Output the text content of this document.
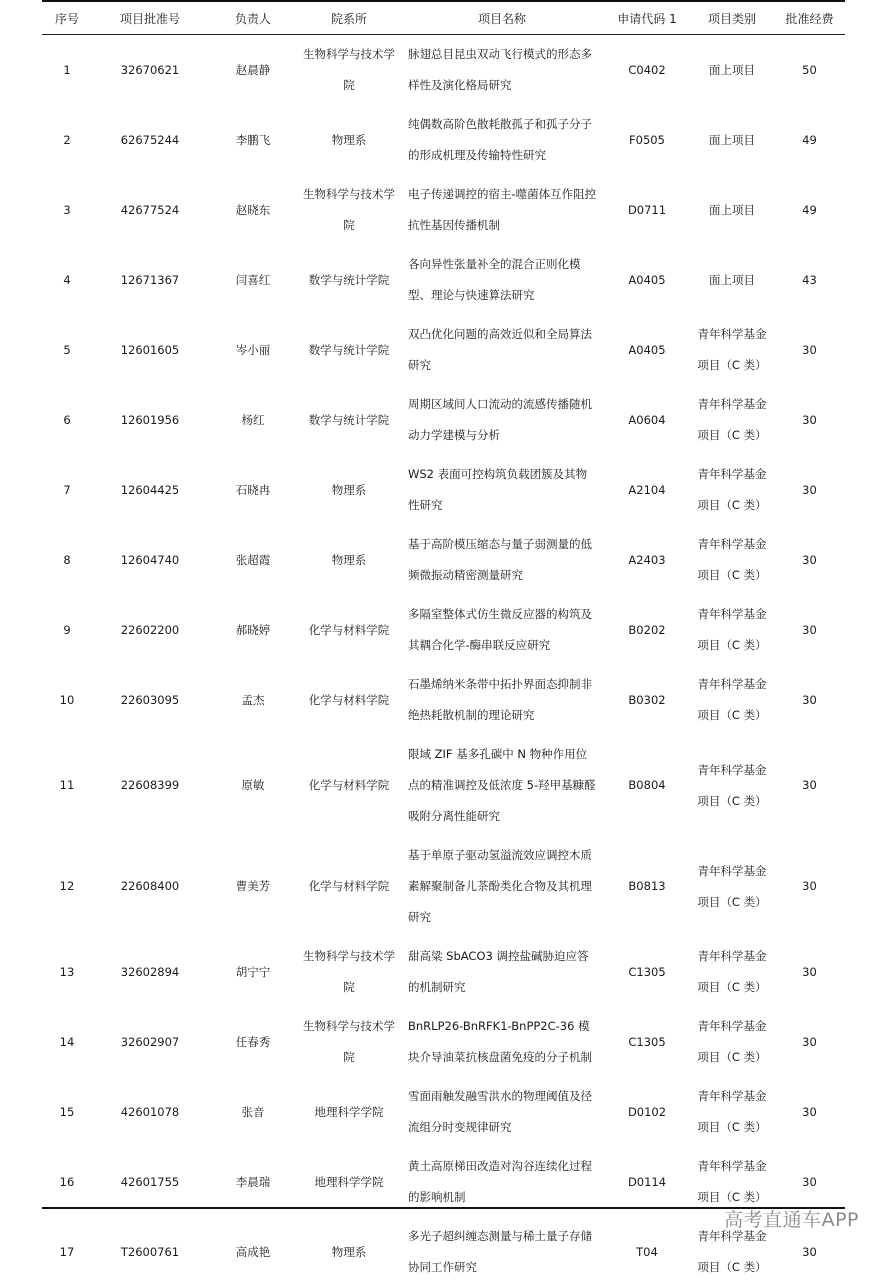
序号	项目批准号	负责人	院系所	项目名称	申请代码 1	项目类别	批准经费
1	32670621	赵晨静	生物科学与技术学院	脉翅总目昆虫双动飞行模式的形态多样性及演化格局研究	C0402	面上项目	50
2	62675244	李鹏飞	物理系	纯偶数高阶色散耗散孤子和孤子分子的形成机理及传输特性研究	F0505	面上项目	49
3	42677524	赵晓东	生物科学与技术学院	电子传递调控的宿主-噬菌体互作阻控抗性基因传播机制	D0711	面上项目	49
4	12671367	闫喜红	数学与统计学院	各向异性张量补全的混合正则化模型、理论与快速算法研究	A0405	面上项目	43
5	12601605	岑小丽	数学与统计学院	双凸优化问题的高效近似和全局算法研究	A0405	青年科学基金项目（C 类）	30
6	12601956	杨红	数学与统计学院	周期区域间人口流动的流感传播随机动力学建模与分析	A0604	青年科学基金项目（C 类）	30
7	12604425	石晓冉	物理系	WS2 表面可控构筑负载团簇及其物性研究	A2104	青年科学基金项目（C 类）	30
8	12604740	张超霞	物理系	基于高阶模压缩态与量子弱测量的低频微振动精密测量研究	A2403	青年科学基金项目（C 类）	30
9	22602200	郝晓婷	化学与材料学院	多隔室整体式仿生微反应器的构筑及其耦合化学-酶串联反应研究	B0202	青年科学基金项目（C 类）	30
10	22603095	孟杰	化学与材料学院	石墨烯纳米条带中拓扑界面态抑制非绝热耗散机制的理论研究	B0302	青年科学基金项目（C 类）	30
11	22608399	原敏	化学与材料学院	限域 ZIF 基多孔碳中 N 物种作用位点的精准调控及低浓度 5-羟甲基糠醛吸附分离性能研究	B0804	青年科学基金项目（C 类）	30
12	22608400	曹美芳	化学与材料学院	基于单原子驱动氢溢流效应调控木质素解聚制备儿茶酚类化合物及其机理研究	B0813	青年科学基金项目（C 类）	30
13	32602894	胡宁宁	生物科学与技术学院	甜高粱 SbACO3 调控盐碱胁迫应答的机制研究	C1305	青年科学基金项目（C 类）	30
14	32602907	任春秀	生物科学与技术学院	BnRLP26-BnRFK1-BnPP2C-36 模块介导油菜抗核盘菌免疫的分子机制	C1305	青年科学基金项目（C 类）	30
15	42601078	张音	地理科学学院	雪面雨触发融雪洪水的物理阈值及径流组分时变规律研究	D0102	青年科学基金项目（C 类）	30
16	42601755	李晨瑞	地理科学学院	黄土高原梯田改造对沟谷连续化过程的影响机制	D0114	青年科学基金项目（C 类）	30
17	T2600761	高成艳	物理系	多光子超纠缠态测量与稀土量子存储协同工作研究	T04	青年科学基金项目（C 类）	30
高考直通车APP
